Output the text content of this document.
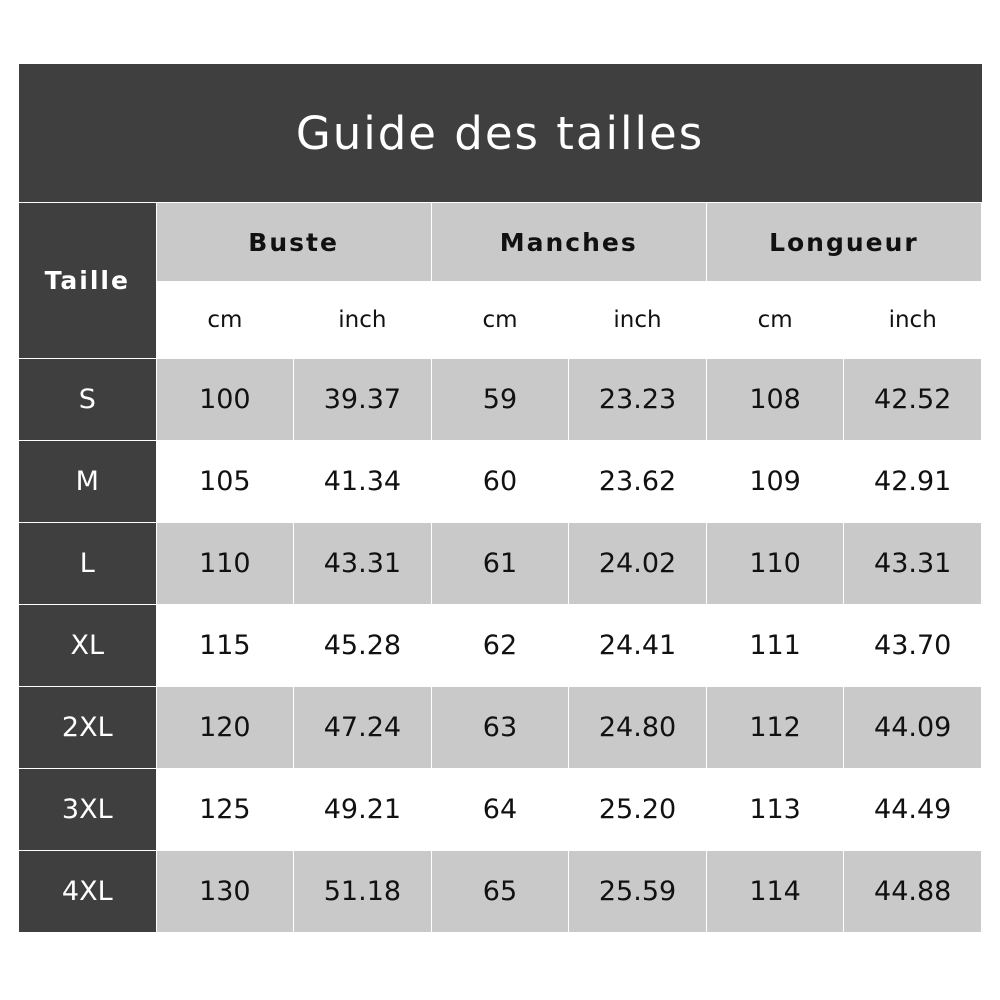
Guide des tailles						
Taille	Buste		Manches		Longueur	
	cm	inch	cm	inch	cm	inch
S	100	39.37	59	23.23	108	42.52
M	105	41.34	60	23.62	109	42.91
L	110	43.31	61	24.02	110	43.31
XL	115	45.28	62	24.41	111	43.70
2XL	120	47.24	63	24.80	112	44.09
3XL	125	49.21	64	25.20	113	44.49
4XL	130	51.18	65	25.59	114	44.88
